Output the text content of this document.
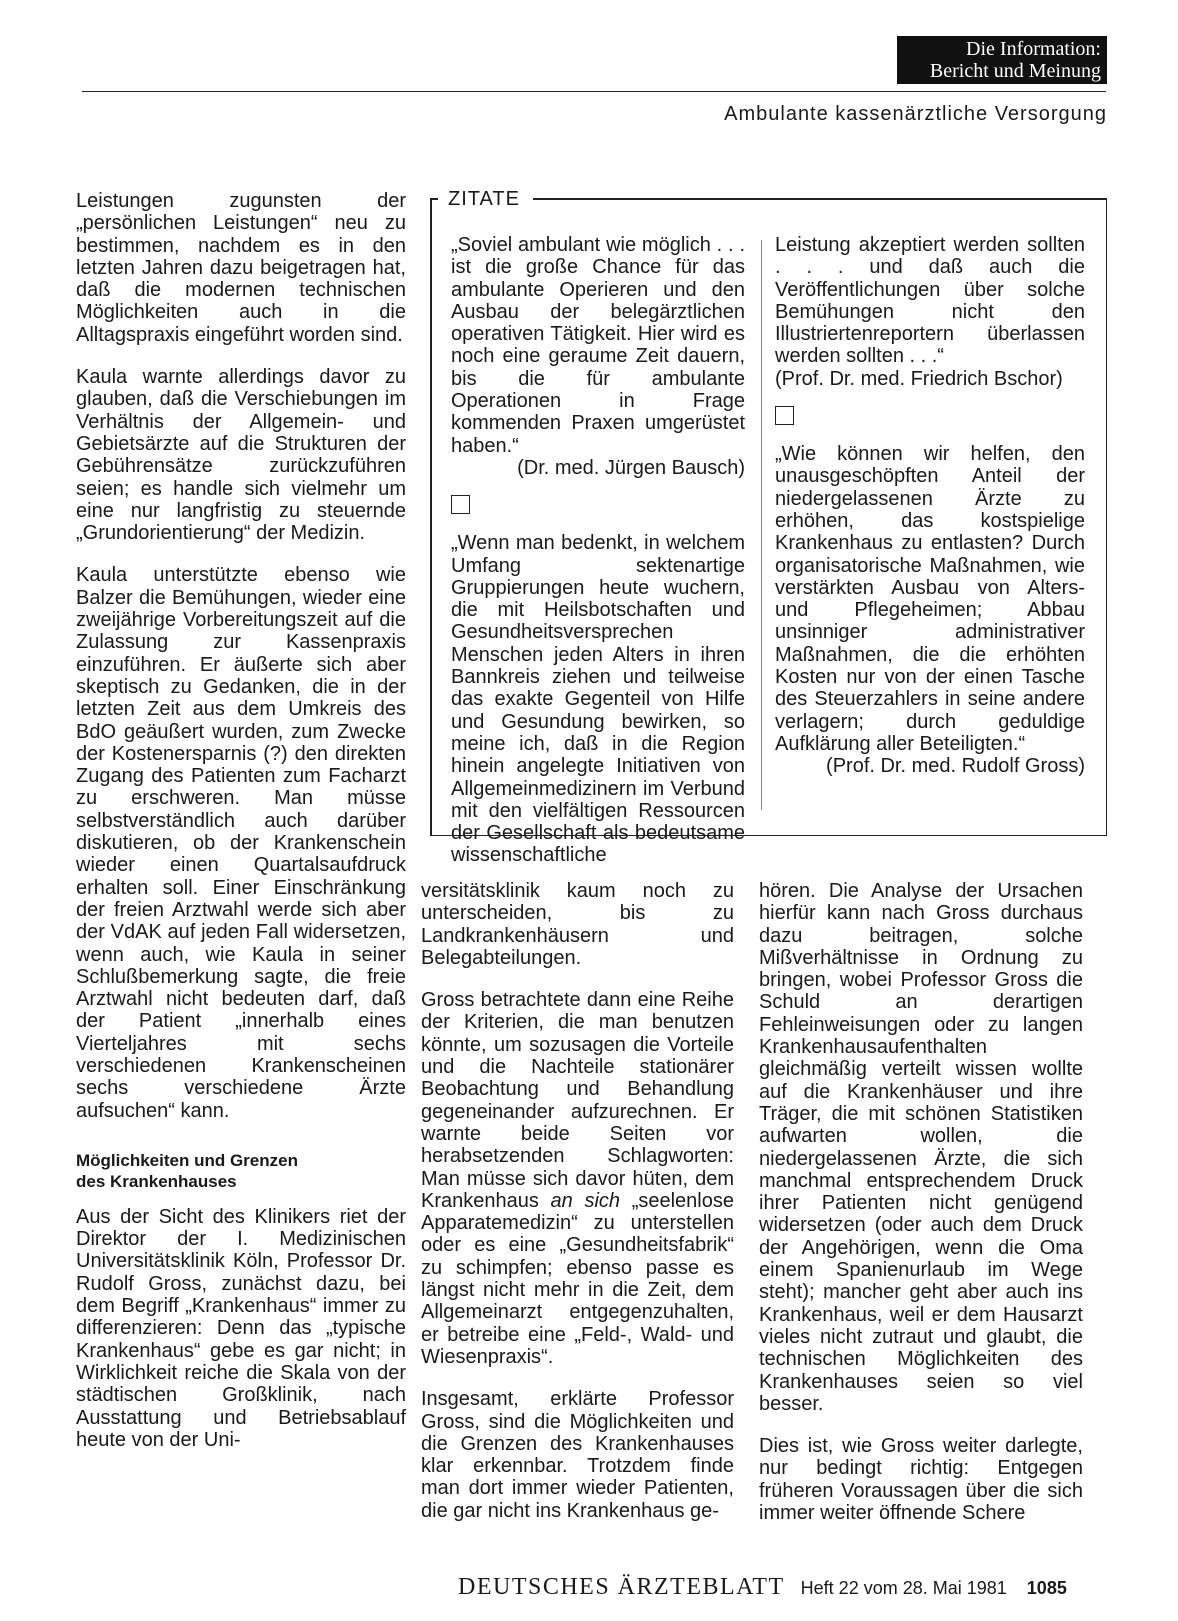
Die Information:
Bericht und Meinung
Ambulante kassenärztliche Versorgung

Leistungen zugunsten der „persönlichen Leistungen“ neu zu bestimmen, nachdem es in den letzten Jahren dazu beigetragen hat, daß die modernen technischen Möglichkeiten auch in die Alltagspraxis eingeführt worden sind.

Kaula warnte allerdings davor zu glauben, daß die Verschiebungen im Verhältnis der Allgemein- und Gebietsärzte auf die Strukturen der Gebührensätze zurückzuführen seien; es handle sich vielmehr um eine nur langfristig zu steuernde „Grundorientierung“ der Medizin.

Kaula unterstützte ebenso wie Balzer die Bemühungen, wieder eine zweijährige Vorbereitungszeit auf die Zulassung zur Kassenpraxis einzuführen. Er äußerte sich aber skeptisch zu Gedanken, die in der letzten Zeit aus dem Umkreis des BdO geäußert wurden, zum Zwecke der Kostenersparnis (?) den direkten Zugang des Patienten zum Facharzt zu erschweren. Man müsse selbstverständlich auch darüber diskutieren, ob der Krankenschein wieder einen Quartalsaufdruck erhalten soll. Einer Einschränkung der freien Arztwahl werde sich aber der VdAK auf jeden Fall widersetzen, wenn auch, wie Kaula in seiner Schlußbemerkung sagte, die freie Arztwahl nicht bedeuten darf, daß der Patient „innerhalb eines Vierteljahres mit sechs verschiedenen Krankenscheinen sechs verschiedene Ärzte aufsuchen“ kann.

Möglichkeiten und Grenzen
des Krankenhauses

Aus der Sicht des Klinikers riet der Direktor der I. Medizinischen Universitätsklinik Köln, Professor Dr. Rudolf Gross, zunächst dazu, bei dem Begriff „Krankenhaus“ immer zu differenzieren: Denn das „typische Krankenhaus“ gebe es gar nicht; in Wirklichkeit reiche die Skala von der städtischen Großklinik, nach Ausstattung und Betriebsablauf heute von der Uni-

ZITATE

„Soviel ambulant wie möglich . . . ist die große Chance für das ambulante Operieren und den Ausbau der belegärztlichen operativen Tätigkeit. Hier wird es noch eine geraume Zeit dauern, bis die für ambulante Operationen in Frage kommenden Praxen umgerüstet haben.“

(Dr. med. Jürgen Bausch)

„Wenn man bedenkt, in welchem Umfang sektenartige Gruppierungen heute wuchern, die mit Heilsbotschaften und Gesundheitsversprechen Menschen jeden Alters in ihren Bannkreis ziehen und teilweise das exakte Gegenteil von Hilfe und Gesundung bewirken, so meine ich, daß in die Region hinein angelegte Initiativen von Allgemeinmedizinern im Verbund mit den vielfältigen Ressourcen der Gesellschaft als bedeutsame wissenschaftliche

Leistung akzeptiert werden sollten . . . und daß auch die Veröffentlichungen über solche Bemühungen nicht den Illustriertenreportern überlassen werden sollten . . .“

(Prof. Dr. med. Friedrich Bschor)

„Wie können wir helfen, den unausgeschöpften Anteil der niedergelassenen Ärzte zu erhöhen, das kostspielige Krankenhaus zu entlasten? Durch organisatorische Maßnahmen, wie verstärkten Ausbau von Alters- und Pflegeheimen; Abbau unsinniger administrativer Maßnahmen, die die erhöhten Kosten nur von der einen Tasche des Steuerzahlers in seine andere verlagern; durch geduldige Aufklärung aller Beteiligten.“

(Prof. Dr. med. Rudolf Gross)

versitätsklinik kaum noch zu unterscheiden, bis zu Landkrankenhäusern und Belegabteilungen.

Gross betrachtete dann eine Reihe der Kriterien, die man benutzen könnte, um sozusagen die Vorteile und die Nachteile stationärer Beobachtung und Behandlung gegeneinander aufzurechnen. Er warnte beide Seiten vor herabsetzenden Schlagworten: Man müsse sich davor hüten, dem Krankenhaus an sich „seelenlose Apparatemedizin“ zu unterstellen oder es eine „Gesundheitsfabrik“ zu schimpfen; ebenso passe es längst nicht mehr in die Zeit, dem Allgemeinarzt entgegenzuhalten, er betreibe eine „Feld-, Wald- und Wiesenpraxis“.

Insgesamt, erklärte Professor Gross, sind die Möglichkeiten und die Grenzen des Krankenhauses klar erkennbar. Trotzdem finde man dort immer wieder Patienten, die gar nicht ins Krankenhaus ge-

hören. Die Analyse der Ursachen hierfür kann nach Gross durchaus dazu beitragen, solche Mißverhältnisse in Ordnung zu bringen, wobei Professor Gross die Schuld an derartigen Fehleinweisungen oder zu langen Krankenhausaufenthalten gleichmäßig verteilt wissen wollte auf die Krankenhäuser und ihre Träger, die mit schönen Statistiken aufwarten wollen, die niedergelassenen Ärzte, die sich manchmal entsprechendem Druck ihrer Patienten nicht genügend widersetzen (oder auch dem Druck der Angehörigen, wenn die Oma einem Spanienurlaub im Wege steht); mancher geht aber auch ins Krankenhaus, weil er dem Hausarzt vieles nicht zutraut und glaubt, die technischen Möglichkeiten des Krankenhauses seien so viel besser.

Dies ist, wie Gross weiter darlegte, nur bedingt richtig: Entgegen früheren Voraussagen über die sich immer weiter öffnende Schere

DEUTSCHES ÄRZTEBLATT Heft 22 vom 28. Mai 1981 1085
